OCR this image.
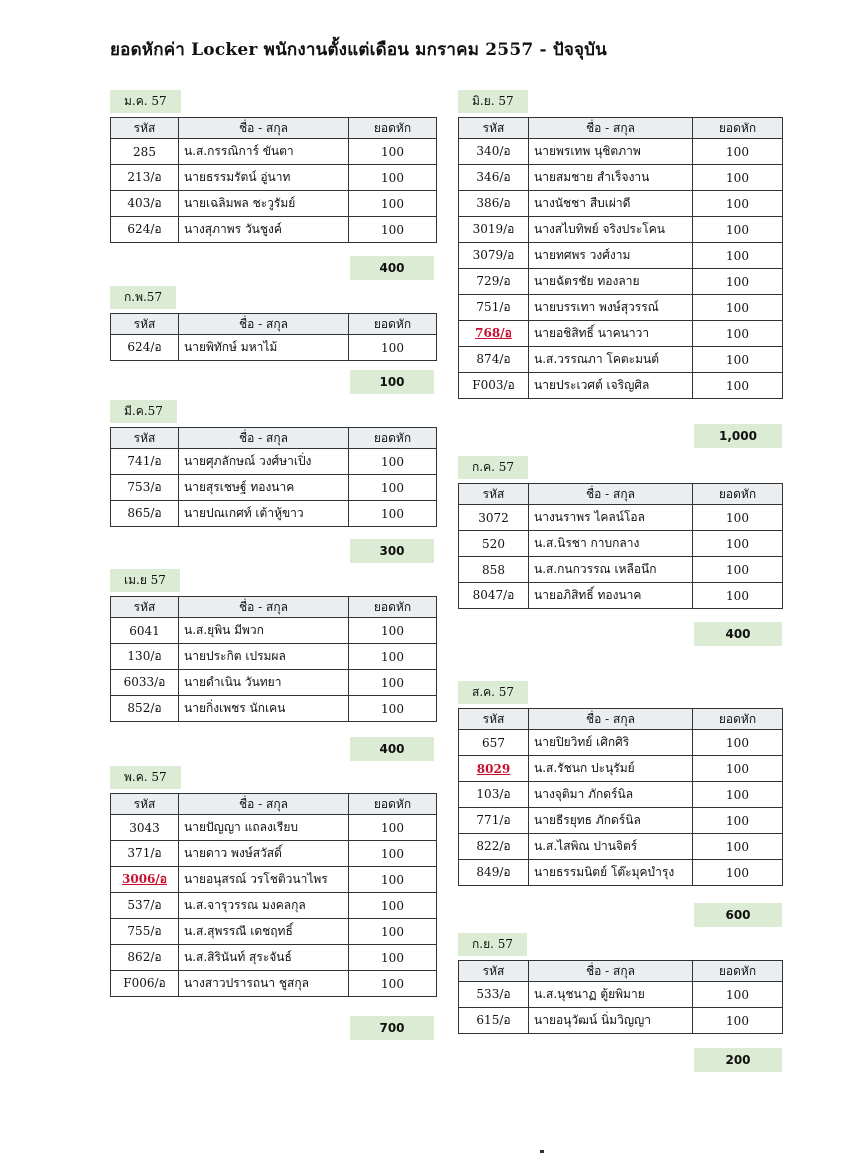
ยอดหักค่า Locker พนักงานตั้งแต่เดือน มกราคม 2557 - ปัจจุบัน
ม.ค. 57
รหัส	ชื่อ - สกุล	ยอดหัก
285	น.ส.กรรณิการ์ ขันตา	100
213/อ	นายธรรมรัตน์ อู่นาท	100
403/อ	นายเฉลิมพล ชะวูรัมย์	100
624/อ	นางสุภาพร วันชูงค์	100
ก.พ.57
รหัส	ชื่อ - สกุล	ยอดหัก
624/อ	นายพิทักษ์ มหาไม้	100
มี.ค.57
รหัส	ชื่อ - สกุล	ยอดหัก
741/อ	นายศุภลักษณ์ วงศ์ษาเปิ่ง	100
753/อ	นายสุรเชษฐ์ ทองนาค	100
865/อ	นายปณเกศท์ เต้าหู้ขาว	100
เม.ย 57
รหัส	ชื่อ - สกุล	ยอดหัก
6041	น.ส.ยุพิน มีพวก	100
130/อ	นายประกิต เปรมผล	100
6033/อ	นายดำเนิน วันทยา	100
852/อ	นายกิ่งเพชร นักเคน	100
พ.ค. 57
รหัส	ชื่อ - สกุล	ยอดหัก
3043	นายปัญญา แถลงเรียบ	100
371/อ	นายดาว พงษ์สวัสดิ์	100
3006/อ	นายอนุสรณ์ วรโชติวนาไพร	100
537/อ	น.ส.จารุวรรณ มงคลกุล	100
755/อ	น.ส.สุพรรณี เดชฤทธิ์	100
862/อ	น.ส.สิรินันท์ สุระจันธ์	100
F006/อ	นางสาวปรารถนา ชูสกุล	100
มิ.ย. 57
รหัส	ชื่อ - สกุล	ยอดหัก
340/อ	นายพรเทพ นุชิตภาพ	100
346/อ	นายสมชาย สำเร็จงาน	100
386/อ	นางนัชชา สืบเผ่าดี	100
3019/อ	นางสไบทิพย์ จริงประโคน	100
3079/อ	นายทศพร วงศ์งาม	100
729/อ	นายฉัตรชัย ทองลาย	100
751/อ	นายบรรเทา พงษ์สุวรรณ์	100
768/อ	นายอชิสิทธิ์ นาคนาวา	100
874/อ	น.ส.วรรณภา โคตะมนต์	100
F003/อ	นายประเวศต์ เจริญศิล	100
ก.ค. 57
รหัส	ชื่อ - สกุล	ยอดหัก
3072	นางนราพร ไคลน์โอล	100
520	น.ส.นิรชา กาบกลาง	100
858	น.ส.กนกวรรณ เหลือนึก	100
8047/อ	นายอภิสิทธิ์ ทองนาค	100
ส.ค. 57
รหัส	ชื่อ - สกุล	ยอดหัก
657	นายปิยวิทย์ เศิกศิริ	100
8029	น.ส.รัชนก ปะนุรัมย์	100
103/อ	นางจุติมา ภักดร์นิล	100
771/อ	นายธีรยุทธ ภักดร์นิล	100
822/อ	น.ส.ไสพิณ ปานจิตร์	100
849/อ	นายธรรมนิตย์ โต๊ะมุคบำรุง	100
ก.ย. 57
รหัส	ชื่อ - สกุล	ยอดหัก
533/อ	น.ส.นุชนาฏ ตู้ยพิมาย	100
615/อ	นายอนุวัฒน์ นิ่มวิญญา	100
400
100
300
400
700
1,000
400
600
200
